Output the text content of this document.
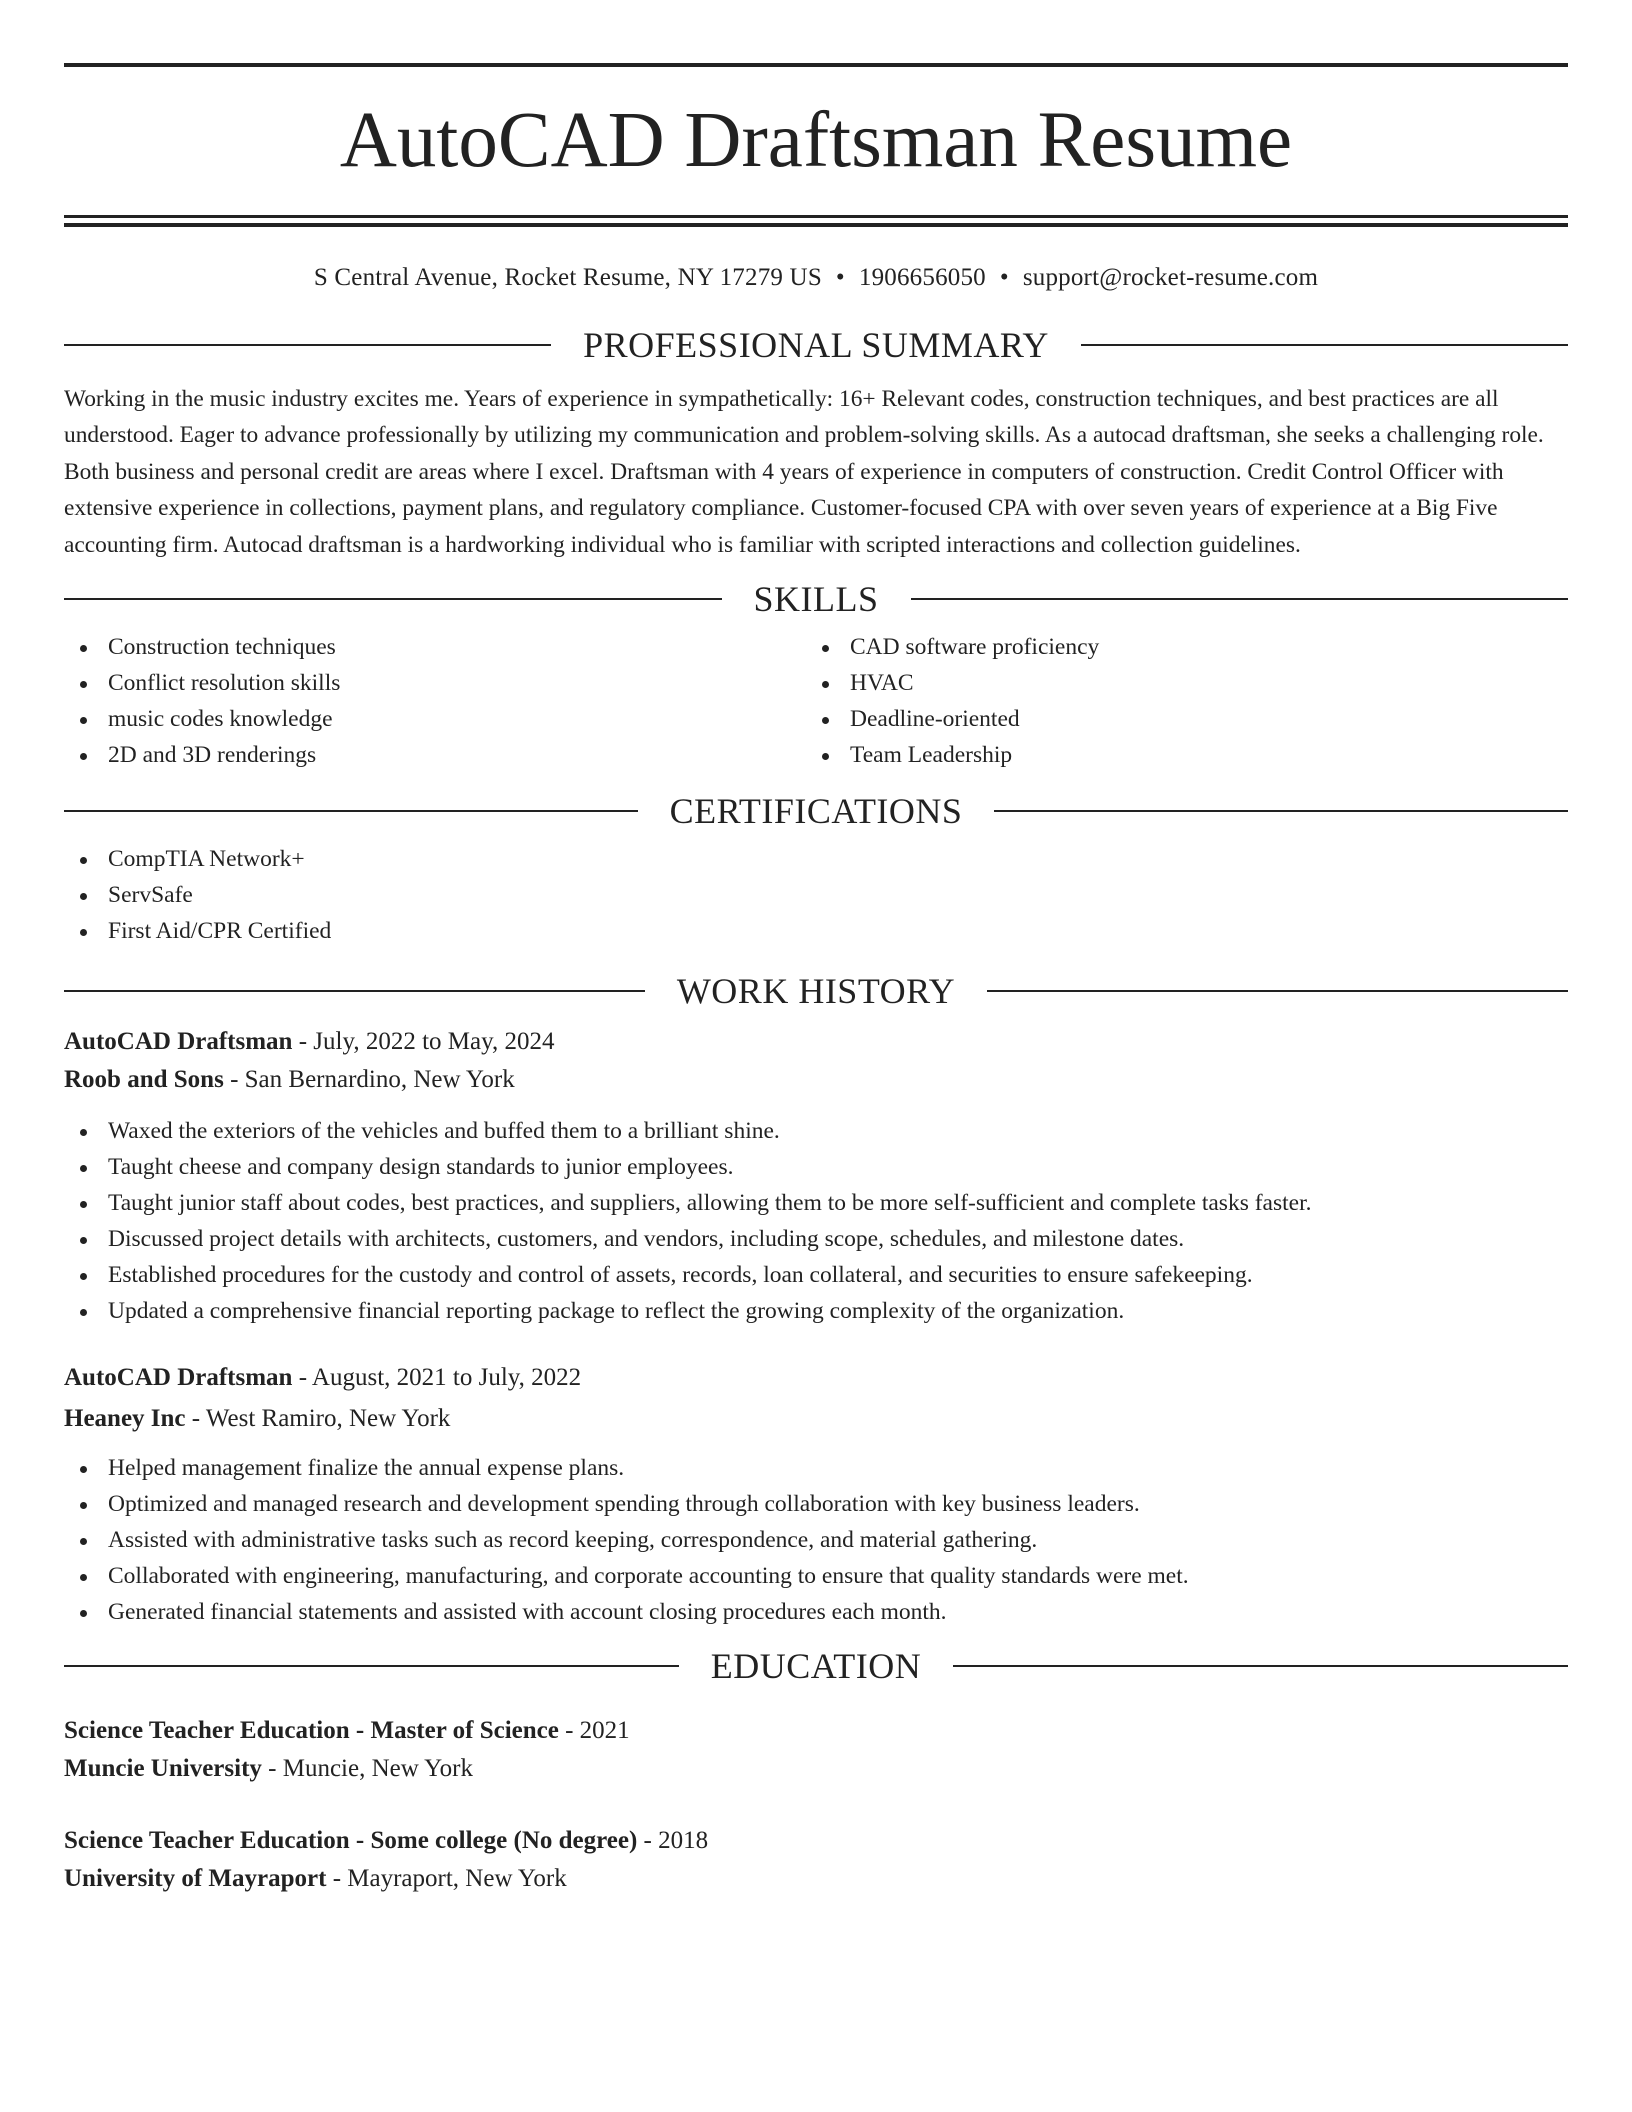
AutoCAD Draftsman Resume
S Central Avenue, Rocket Resume, NY 17279 US • 1906656050 • support@rocket-resume.com
PROFESSIONAL SUMMARY

Working in the music industry excites me. Years of experience in sympathetically: 16+ Relevant codes, construction techniques, and best practices are all understood. Eager to advance professionally by utilizing my communication and problem-solving skills. As a autocad draftsman, she seeks a challenging role. Both business and personal credit are areas where I excel. Draftsman with 4 years of experience in computers of construction. Credit Control Officer with extensive experience in collections, payment plans, and regulatory compliance. Customer-focused CPA with over seven years of experience at a Big Five accounting firm. Autocad draftsman is a hardworking individual who is familiar with scripted interactions and collection guidelines.

SKILLS
Construction techniques
Conflict resolution skills
music codes knowledge
2D and 3D renderings
CAD software proficiency
HVAC
Deadline-oriented
Team Leadership
CERTIFICATIONS
CompTIA Network+
ServSafe
First Aid/CPR Certified
WORK HISTORY
AutoCAD Draftsman - July, 2022 to May, 2024
Roob and Sons - San Bernardino, New York
Waxed the exteriors of the vehicles and buffed them to a brilliant shine.
Taught cheese and company design standards to junior employees.
Taught junior staff about codes, best practices, and suppliers, allowing them to be more self-sufficient and complete tasks faster.
Discussed project details with architects, customers, and vendors, including scope, schedules, and milestone dates.
Established procedures for the custody and control of assets, records, loan collateral, and securities to ensure safekeeping.
Updated a comprehensive financial reporting package to reflect the growing complexity of the organization.
AutoCAD Draftsman - August, 2021 to July, 2022
Heaney Inc - West Ramiro, New York
Helped management finalize the annual expense plans.
Optimized and managed research and development spending through collaboration with key business leaders.
Assisted with administrative tasks such as record keeping, correspondence, and material gathering.
Collaborated with engineering, manufacturing, and corporate accounting to ensure that quality standards were met.
Generated financial statements and assisted with account closing procedures each month.
EDUCATION
Science Teacher Education - Master of Science - 2021
Muncie University - Muncie, New York
Science Teacher Education - Some college (No degree) - 2018
University of Mayraport - Mayraport, New York
